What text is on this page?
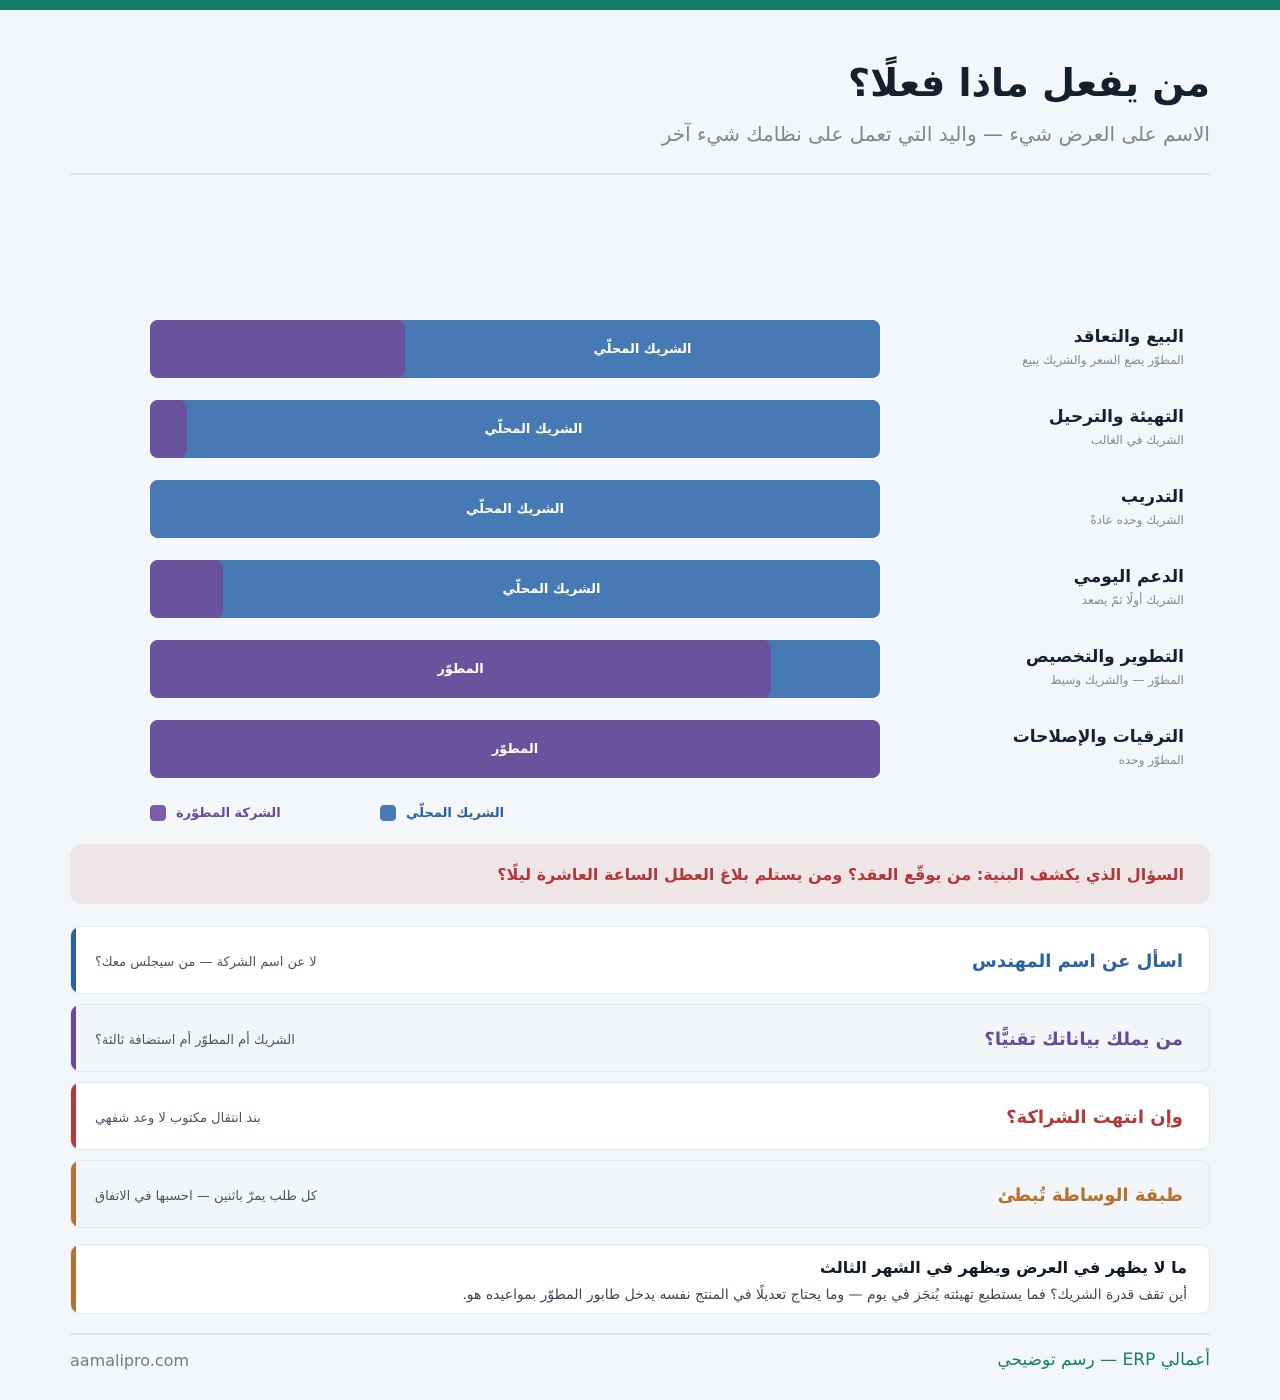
من يفعل ماذا فعلًا؟
الاسم على العرض شيء — واليد التي تعمل على نظامك شيء آخر
البيع والتعاقد
المطوّر يضع السعر والشريك يبيع
الشريك المحلّي
التهيئة والترحيل
الشريك في الغالب
الشريك المحلّي
التدريب
الشريك وحده عادةً
الشريك المحلّي
الدعم اليومي
الشريك أولًا ثمّ يصعد
الشريك المحلّي
التطوير والتخصيص
المطوّر — والشريك وسيط
المطوّر
الترقيات والإصلاحات
المطوّر وحده
المطوّر
الشريك المحلّي
الشركة المطوّرة
السؤال الذي يكشف البنية: من يوقّع العقد؟ ومن يستلم بلاغ العطل الساعة العاشرة ليلًا؟
اسأل عن اسم المهندس
لا عن اسم الشركة — من سيجلس معك؟
من يملك بياناتك تقنيًّا؟
الشريك أم المطوّر أم استضافة ثالثة؟
وإن انتهت الشراكة؟
بند انتقال مكتوب لا وعد شفهي
طبقة الوساطة تُبطئ
كل طلب يمرّ باثنين — احسبها في الاتفاق
ما لا يظهر في العرض ويظهر في الشهر الثالث
أين تقف قدرة الشريك؟ فما يستطيع تهيئته يُنجَز في يوم — وما يحتاج تعديلًا في المنتج نفسه يدخل طابور المطوّر بمواعيده هو.
أعمالي ERP — رسم توضيحي
aamalipro.com
